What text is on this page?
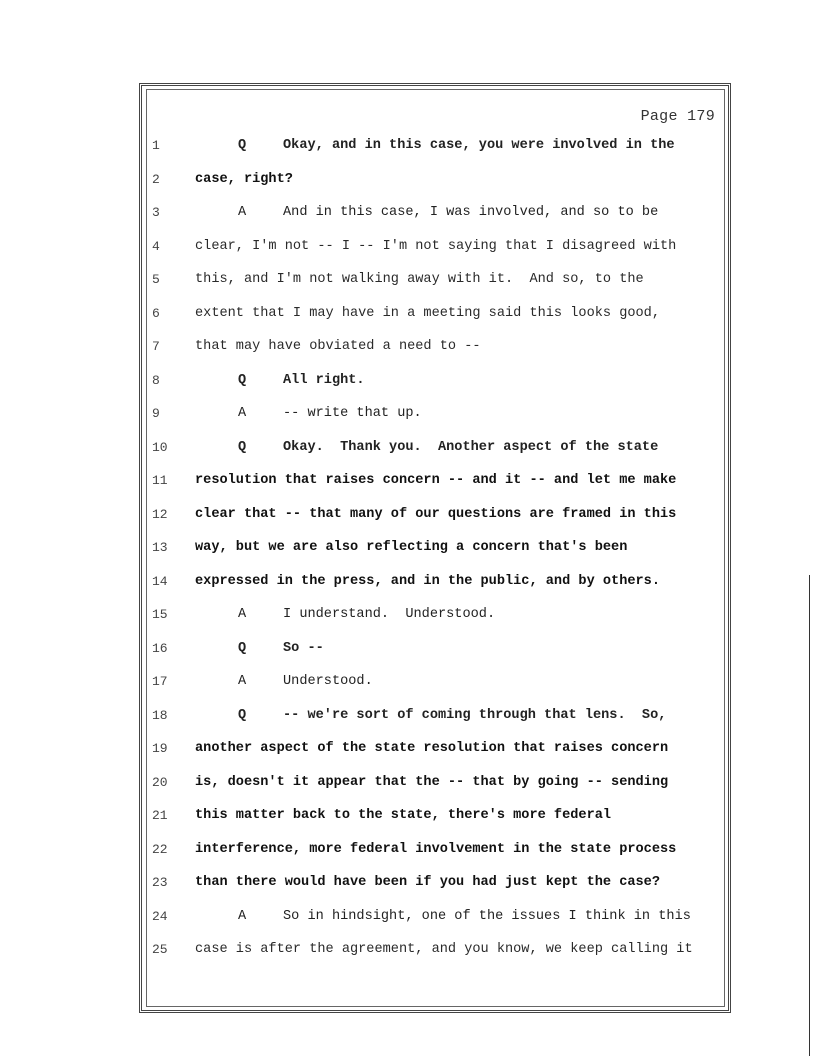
Page 179
1	Q	Okay, and in this case, you were involved in the
2	case, right?
3	A	And in this case, I was involved, and so to be
4	clear, I'm not -- I -- I'm not saying that I disagreed with
5	this, and I'm not walking away with it.  And so, to the
6	extent that I may have in a meeting said this looks good,
7	that may have obviated a need to --
8	Q	All right.
9	A	-- write that up.
10	Q	Okay.  Thank you.  Another aspect of the state
11	resolution that raises concern -- and it -- and let me make
12	clear that -- that many of our questions are framed in this
13	way, but we are also reflecting a concern that's been
14	expressed in the press, and in the public, and by others.
15	A	I understand.  Understood.
16	Q	So --
17	A	Understood.
18	Q	-- we're sort of coming through that lens.  So,
19	another aspect of the state resolution that raises concern
20	is, doesn't it appear that the -- that by going -- sending
21	this matter back to the state, there's more federal
22	interference, more federal involvement in the state process
23	than there would have been if you had just kept the case?
24	A	So in hindsight, one of the issues I think in this
25	case is after the agreement, and you know, we keep calling it
